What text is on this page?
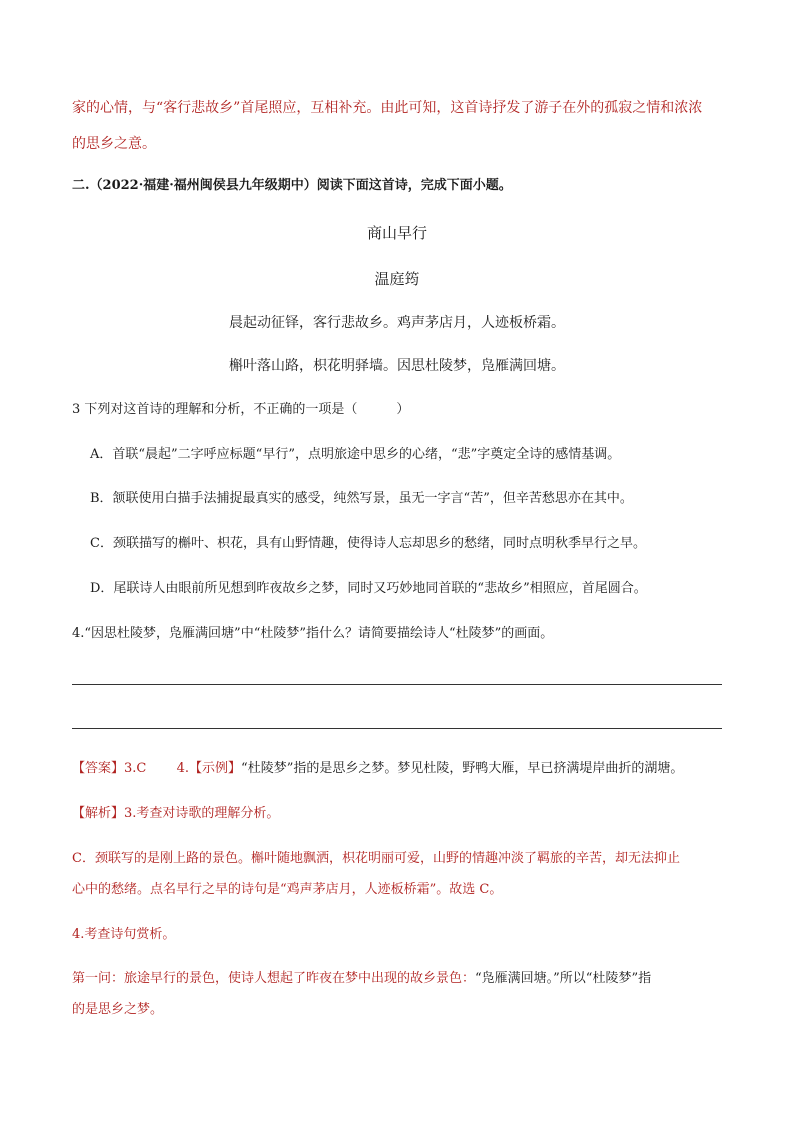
家的心情，与“客行悲故乡”首尾照应，互相补充。由此可知，这首诗抒发了游子在外的孤寂之情和浓浓
的思乡之意。
二.（2022·福建·福州闽侯县九年级期中）阅读下面这首诗，完成下面小题。
商山早行
温庭筠
晨起动征铎，客行悲故乡。鸡声茅店月，人迹板桥霜。
槲叶落山路，枳花明驿墙。因思杜陵梦，凫雁满回塘。
3 下列对这首诗的理解和分析，不正确的一项是（　　　）
A．首联“晨起”二字呼应标题“早行”，点明旅途中思乡的心绪，“悲”字奠定全诗的感情基调。
B．颔联使用白描手法捕捉最真实的感受，纯然写景，虽无一字言“苦”，但辛苦愁思亦在其中。
C．颈联描写的槲叶、枳花，具有山野情趣，使得诗人忘却思乡的愁绪，同时点明秋季早行之早。
D．尾联诗人由眼前所见想到昨夜故乡之梦，同时又巧妙地同首联的“悲故乡”相照应，首尾圆合。
4.“因思杜陵梦，凫雁满回塘”中“杜陵梦”指什么？请简要描绘诗人“杜陵梦”的画面。
【答案】3.C 4.【示例】“杜陵梦”指的是思乡之梦。梦见杜陵，野鸭大雁，早已挤满堤岸曲折的湖塘。
【解析】3.考查对诗歌的理解分析。
C．颈联写的是刚上路的景色。槲叶随地飘洒，枳花明丽可爱，山野的情趣冲淡了羁旅的辛苦，却无法抑止
心中的愁绪。点名早行之早的诗句是“鸡声茅店月，人迹板桥霜”。故选 C。
4.考查诗句赏析。
第一问：旅途早行的景色，使诗人想起了昨夜在梦中出现的故乡景色：“凫雁满回塘。”所以“杜陵梦”指
的是思乡之梦。
